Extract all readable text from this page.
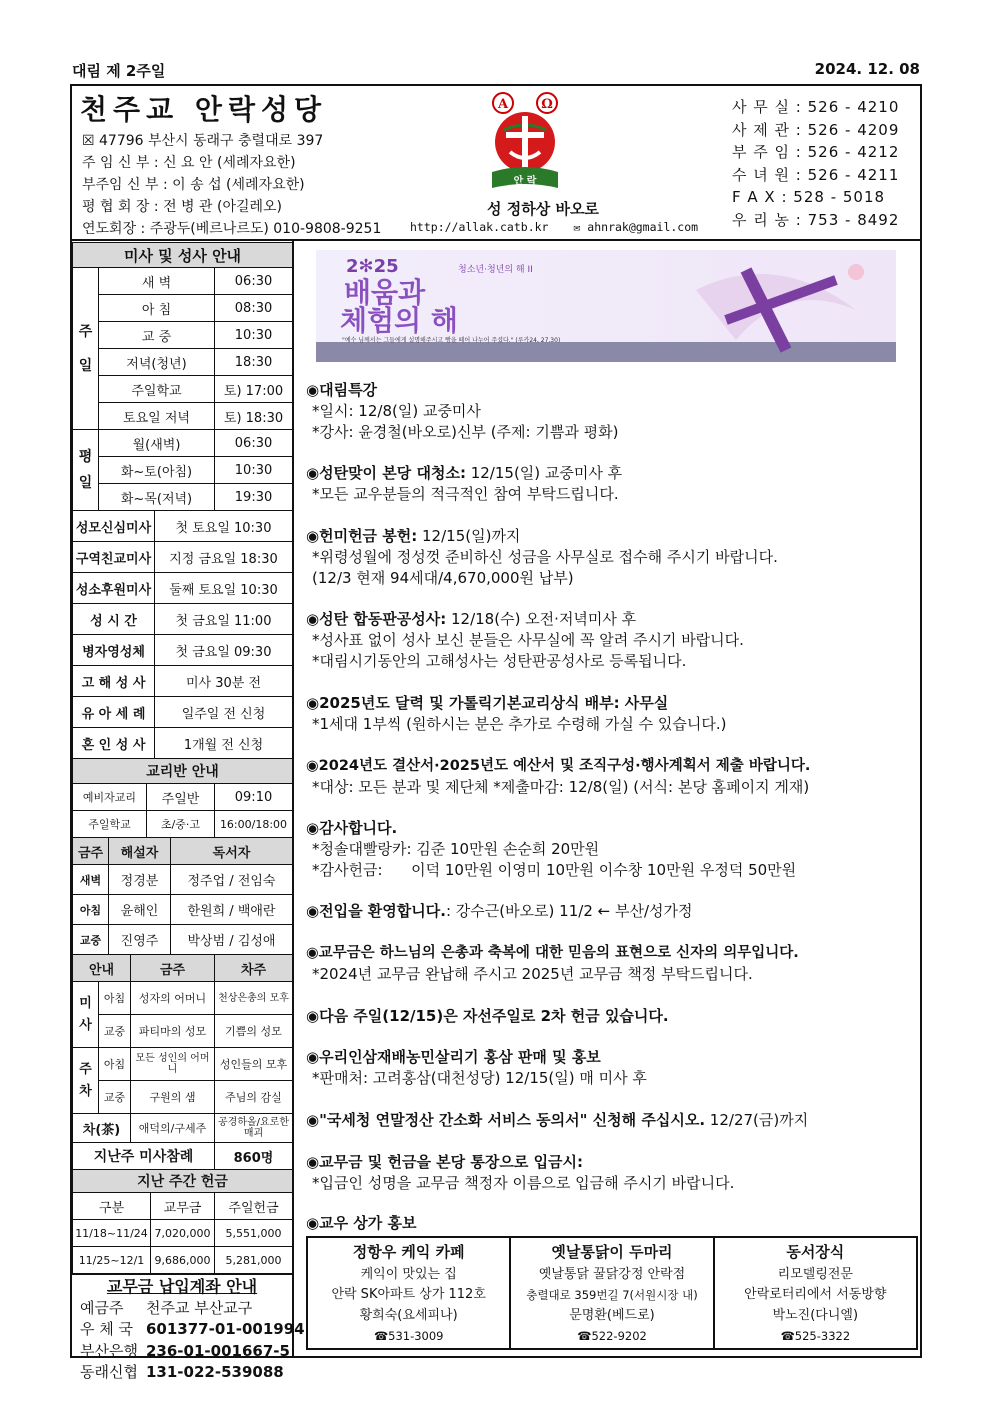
대림 제 2주일	2024. 12. 08
천주교 안락성당
☒ 47796 부산시 동래구 충렬대로 397
주 임 신 부 : 신 요 안 (세례자요한)
부주임 신 부 : 이 송 섭 (세례자요한)
평 협 회 장 : 전 병 관 (아길레오)
연도회장 : 주광두(베르나르도) 010-9808-9251
A	Ω
안 락
성 정하상 바오로
http://allak.catb.kr ✉ ahnrak@gmail.com
사 무 실 : 526 - 4210
사 제 관 : 526 - 4209
부 주 임 : 526 - 4212
수 녀 원 : 526 - 4211
F A X : 528 - 5018
우 리 농 : 753 - 8492
미사 및 성사 안내		
주
일	새 벽	06:30
	아 침	08:30
	교 중	10:30
	저녁(청년)	18:30
	주일학교	토) 17:00
	토요일 저녁	토) 18:30
평
일	월(새벽)	06:30
	화~토(아침)	10:30
	화~목(저녁)	19:30
성모신심미사	첫 토요일 10:30
구역친교미사	지정 금요일 18:30
성소후원미사	둘째 토요일 10:30
성 시 간	첫 금요일 11:00
병자영성체	첫 금요일 09:30
고 해 성 사	미사 30분 전
유 아 세 례	일주일 전 신청
혼 인 성 사	1개월 전 신청
교리반 안내		
예비자교리	주일반	09:10
주일학교	초/중·고	16:00/18:00
금주	해설자	독서자
새벽	정경분	정주업 / 전임숙
아침	윤해인	한원희 / 백애란
교중	진영주	박상범 / 김성애
안내		금주	차주
미
사	아침	성자의 어머니	천상은총의 모후
	교중	파티마의 성모	기쁨의 성모
주
차	아침	모든 성인의 어머니	성인들의 모후
	교중	구원의 샘	주님의 감실
차(茶)		애덕의/구세주	공경하올/요로한 매괴
지난주 미사참례	860명
지난 주간 헌금		
구분	교무금	주일헌금
11/18~11/24	7,020,000	5,551,000
11/25~12/1	9,686,000	5,281,000
교무금 납입계좌 안내
예금주 천주교 부산교구
우 체 국 601377-01-001994
부산은행 236-01-001667-5
동래신협 131-022-539088
2✻25	청소년·청년의 해 II
배움과
체험의 해
"예수 님께서는 그들에게 설명해주시고 빵을 떼어 나누어 주셨다." (루카24, 27.30)
◉대림특강
*일시: 12/8(일) 교중미사
*강사: 윤경철(바오로)신부 (주제: 기쁨과 평화)
◉성탄맞이 본당 대청소: 12/15(일) 교중미사 후
*모든 교우분들의 적극적인 참여 부탁드립니다.
◉헌미헌금 봉헌: 12/15(일)까지
*위령성월에 정성껏 준비하신 성금을 사무실로 접수해 주시기 바랍니다.
(12/3 현재 94세대/4,670,000원 납부)
◉성탄 합동판공성사: 12/18(수) 오전·저녁미사 후
*성사표 없이 성사 보신 분들은 사무실에 꼭 알려 주시기 바랍니다.
*대림시기동안의 고해성사는 성탄판공성사로 등록됩니다.
◉2025년도 달력 및 가톨릭기본교리상식 배부: 사무실
*1세대 1부씩 (원하시는 분은 추가로 수령해 가실 수 있습니다.)
◉2024년도 결산서·2025년도 예산서 및 조직구성·행사계획서 제출 바랍니다.
*대상: 모든 분과 및 제단체 *제출마감: 12/8(일) (서식: 본당 홈페이지 게재)
◉감사합니다.
*청솔대빨랑카: 김준 10만원 손순희 20만원
*감사헌금:      이덕 10만원 이영미 10만원 이수창 10만원 우정덕 50만원
◉전입을 환영합니다.: 강수근(바오로) 11/2 ← 부산/성가정
◉교무금은 하느님의 은총과 축복에 대한 믿음의 표현으로 신자의 의무입니다.
*2024년 교무금 완납해 주시고 2025년 교무금 책정 부탁드립니다.
◉다음 주일(12/15)은 자선주일로 2차 헌금 있습니다.
◉우리인삼재배농민살리기 홍삼 판매 및 홍보
*판매처: 고려홍삼(대천성당) 12/15(일) 매 미사 후
◉"국세청 연말정산 간소화 서비스 동의서" 신청해 주십시오. 12/27(금)까지
◉교무금 및 헌금을 본당 통장으로 입금시:
*입금인 성명을 교무금 책정자 이름으로 입금해 주시기 바랍니다.
◉교우 상가 홍보
정항우 케익 카페
케익이 맛있는 집
안락 SK아파트 상가 112호
황희숙(요세피나)
☎531-3009
옛날통닭이 두마리
옛날통닭 꿀닭강정 안락점
충렬대로 359번길 7(서원시장 내)
문명환(베드로)
☎522-9202
동서장식
리모델링전문
안락로터리에서 서동방향
박노진(다니엘)
☎525-3322
